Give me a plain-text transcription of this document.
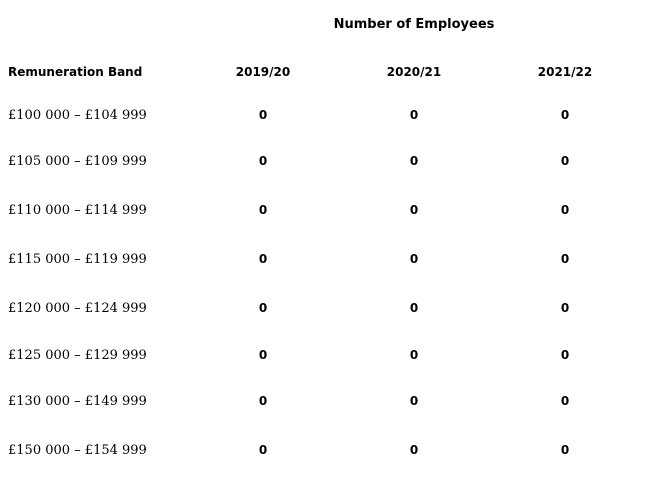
Number of Employees
Remuneration Band	2019/20	2020/21	2021/22
£100 000 – £104 999	0	0	0
£105 000 – £109 999	0	0	0
£110 000 – £114 999	0	0	0
£115 000 – £119 999	0	0	0
£120 000 – £124 999	0	0	0
£125 000 – £129 999	0	0	0
£130 000 – £149 999	0	0	0
£150 000 – £154 999	0	0	0
